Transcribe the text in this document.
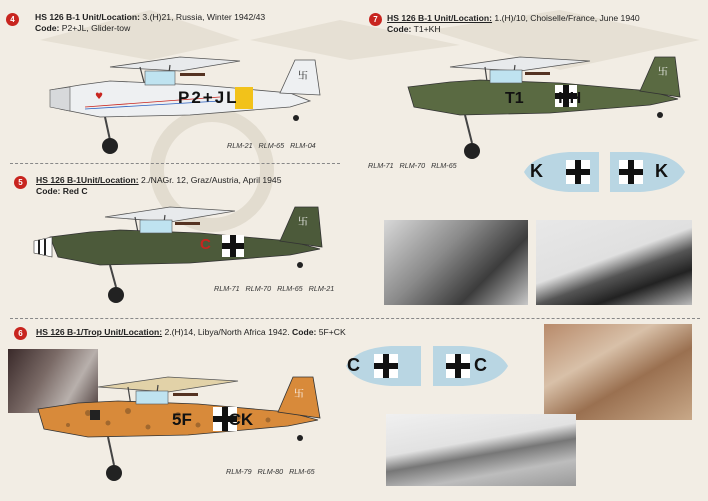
4	HS 126 B-1 Unit/Location: 3.(H)21, Russia, Winter 1942/43
Code: P2+JL, Glider-tow
卐
♥	P2+JL
RLM-21 RLM-65 RLM-04
5	HS 126 B-1Unit/Location: 2./NAGr. 12, Graz/Austria, April 1945
Code: Red C
卐
C
RLM-71 RLM-70 RLM-65 RLM-21
7	HS 126 B-1 Unit/Location: 1.(H)/10, Choiselle/France, June 1940
Code: T1+KH
卐
T1 KH
RLM-71 RLM-70 RLM-65	K	K
6	HS 126 B-1/Trop Unit/Location: 2.(H)14, Libya/North Africa 1942. Code: 5F+CK
卐
5F CK
RLM-79 RLM-80 RLM-65
C	C
